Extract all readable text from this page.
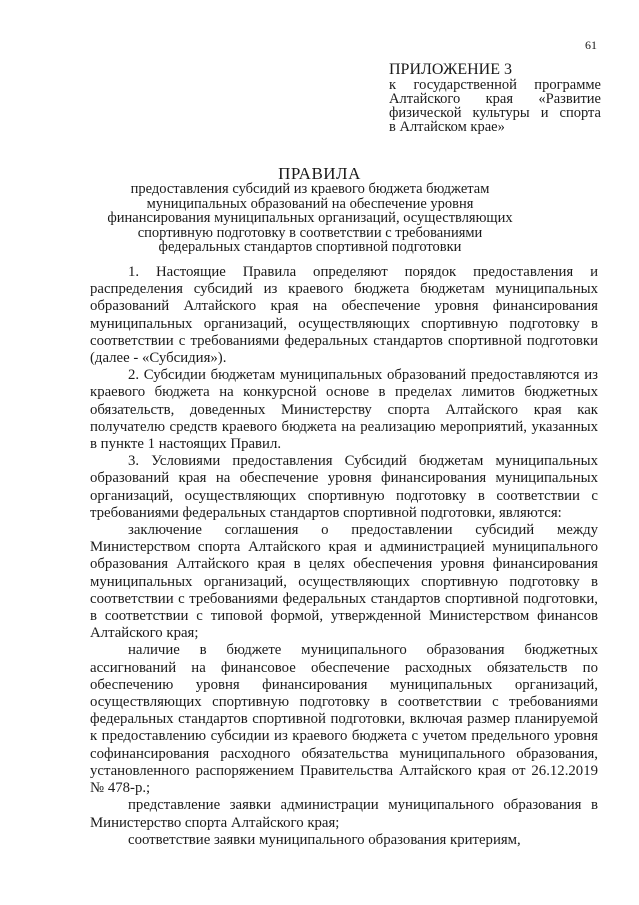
61
ПРИЛОЖЕНИЕ 3
к государственной программе
Алтайского края «Развитие
физической культуры и спорта
в Алтайском крае»
ПРАВИЛА
предоставления субсидий из краевого бюджета бюджетам муниципальных образований на обеспечение уровня финансирования муниципальных организаций, осуществляющих спортивную подготовку в соответствии с требованиями федеральных стандартов спортивной подготовки

1. Настоящие Правила определяют порядок предоставления и распределения субсидий из краевого бюджета бюджетам муниципальных образований Алтайского края на обеспечение уровня финансирования муниципальных организаций, осуществляющих спортивную подготовку в соответствии с требованиями федеральных стандартов спортивной подготовки (далее - «Субсидия»).

2. Субсидии бюджетам муниципальных образований предоставляются из краевого бюджета на конкурсной основе в пределах лимитов бюджетных обязательств, доведенных Министерству спорта Алтайского края как получателю средств краевого бюджета на реализацию мероприятий, указанных в пункте 1 настоящих Правил.

3. Условиями предоставления Субсидий бюджетам муниципальных образований края на обеспечение уровня финансирования муниципальных организаций, осуществляющих спортивную подготовку в соответствии с требованиями федеральных стандартов спортивной подготовки, являются:

заключение соглашения о предоставлении субсидий между Министерством спорта Алтайского края и администрацией муниципального образования Алтайского края в целях обеспечения уровня финансирования муниципальных организаций, осуществляющих спортивную подготовку в соответствии с требованиями федеральных стандартов спортивной подготовки, в соответствии с типовой формой, утвержденной Министерством финансов Алтайского края;

наличие в бюджете муниципального образования бюджетных ассигнований на финансовое обеспечение расходных обязательств по обеспечению уровня финансирования муниципальных организаций, осуществляющих спортивную подготовку в соответствии с требованиями федеральных стандартов спортивной подготовки, включая размер планируемой к предоставлению субсидии из краевого бюджета с учетом предельного уровня софинансирования расходного обязательства муниципального образования, установленного распоряжением Правительства Алтайского края от 26.12.2019 № 478-р.;

представление заявки администрации муниципального образования в Министерство спорта Алтайского края;

соответствие заявки муниципального образования критериям,
